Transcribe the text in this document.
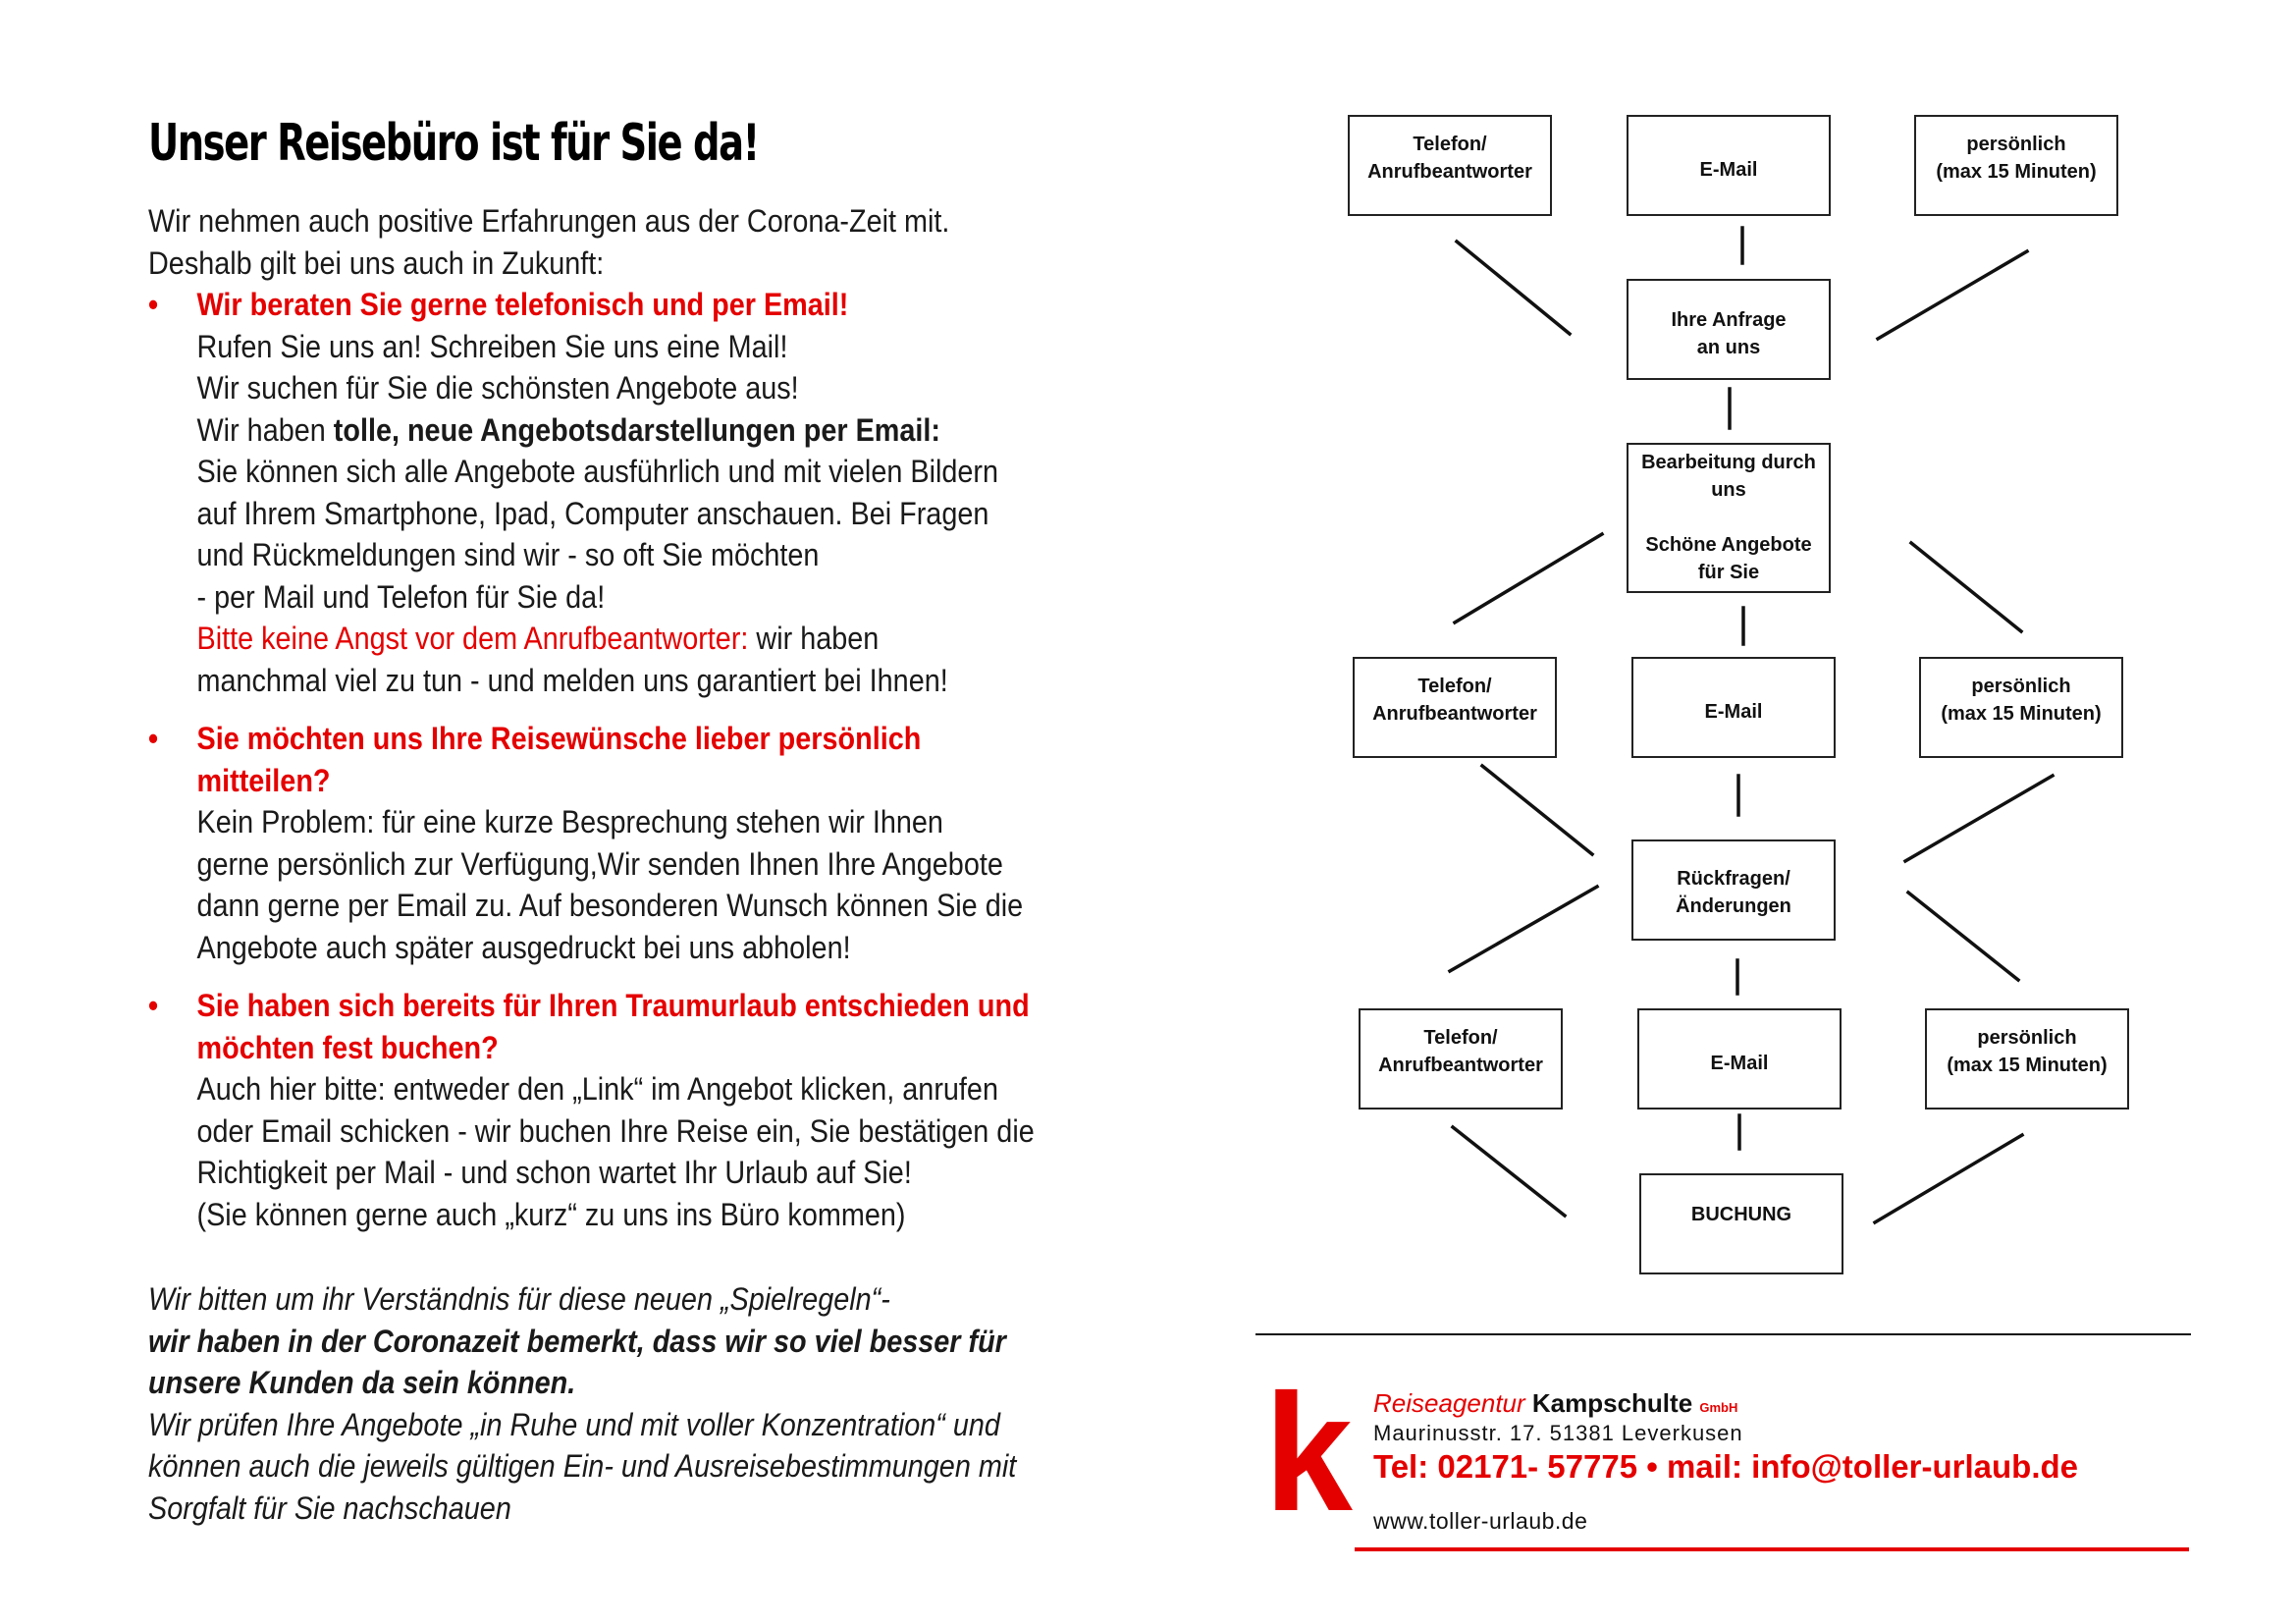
Unser Reisebüro ist für Sie da!
Wir nehmen auch positive Erfahrungen aus der Corona-Zeit mit.
Deshalb gilt bei uns auch in Zukunft:
• Wir beraten Sie gerne telefonisch und per Email!
Rufen Sie uns an! Schreiben Sie uns eine Mail!
Wir suchen für Sie die schönsten Angebote aus!
Wir haben tolle, neue Angebotsdarstellungen per Email:
Sie können sich alle Angebote ausführlich und mit vielen Bildern
auf Ihrem Smartphone, Ipad, Computer anschauen. Bei Fragen
und Rückmeldungen sind wir - so oft Sie möchten
- per Mail und Telefon für Sie da!
Bitte keine Angst vor dem Anrufbeantworter: wir haben
manchmal viel zu tun - und melden uns garantiert bei Ihnen!
• Sie möchten uns Ihre Reisewünsche lieber persönlich
mitteilen?
Kein Problem: für eine kurze Besprechung stehen wir Ihnen
gerne persönlich zur Verfügung,Wir senden Ihnen Ihre Angebote
dann gerne per Email zu. Auf besonderen Wunsch können Sie die
Angebote auch später ausgedruckt bei uns abholen!
• Sie haben sich bereits für Ihren Traumurlaub entschieden und
möchten fest buchen?
Auch hier bitte: entweder den „Link“ im Angebot klicken, anrufen
oder Email schicken - wir buchen Ihre Reise ein, Sie bestätigen die
Richtigkeit per Mail - und schon wartet Ihr Urlaub auf Sie!
(Sie können gerne auch „kurz“ zu uns ins Büro kommen)
Wir bitten um ihr Verständnis für diese neuen „Spielregeln“-
wir haben in der Coronazeit bemerkt, dass wir so viel besser für
unsere Kunden da sein können.
Wir prüfen Ihre Angebote „in Ruhe und mit voller Konzentration“ und
können auch die jeweils gültigen Ein- und Ausreisebestimmungen mit
Sorgfalt für Sie nachschauen
Telefon/
Anrufbeantworter	E-Mail
persönlich
(max 15 Minuten)
Ihre Anfrage
an uns
Bearbeitung durch
uns
Schöne Angebote
für Sie
Telefon/
Anrufbeantworter	E-Mail
persönlich
(max 15 Minuten)
Rückfragen/
Änderungen
Telefon/
Anrufbeantworter	E-Mail
persönlich
(max 15 Minuten)
BUCHUNG
k Reiseagentur Kampschulte GmbH
Maurinusstr. 17. 51381 Leverkusen
Tel: 02171- 57775 • mail: info@toller-urlaub.de
www.toller-urlaub.de
